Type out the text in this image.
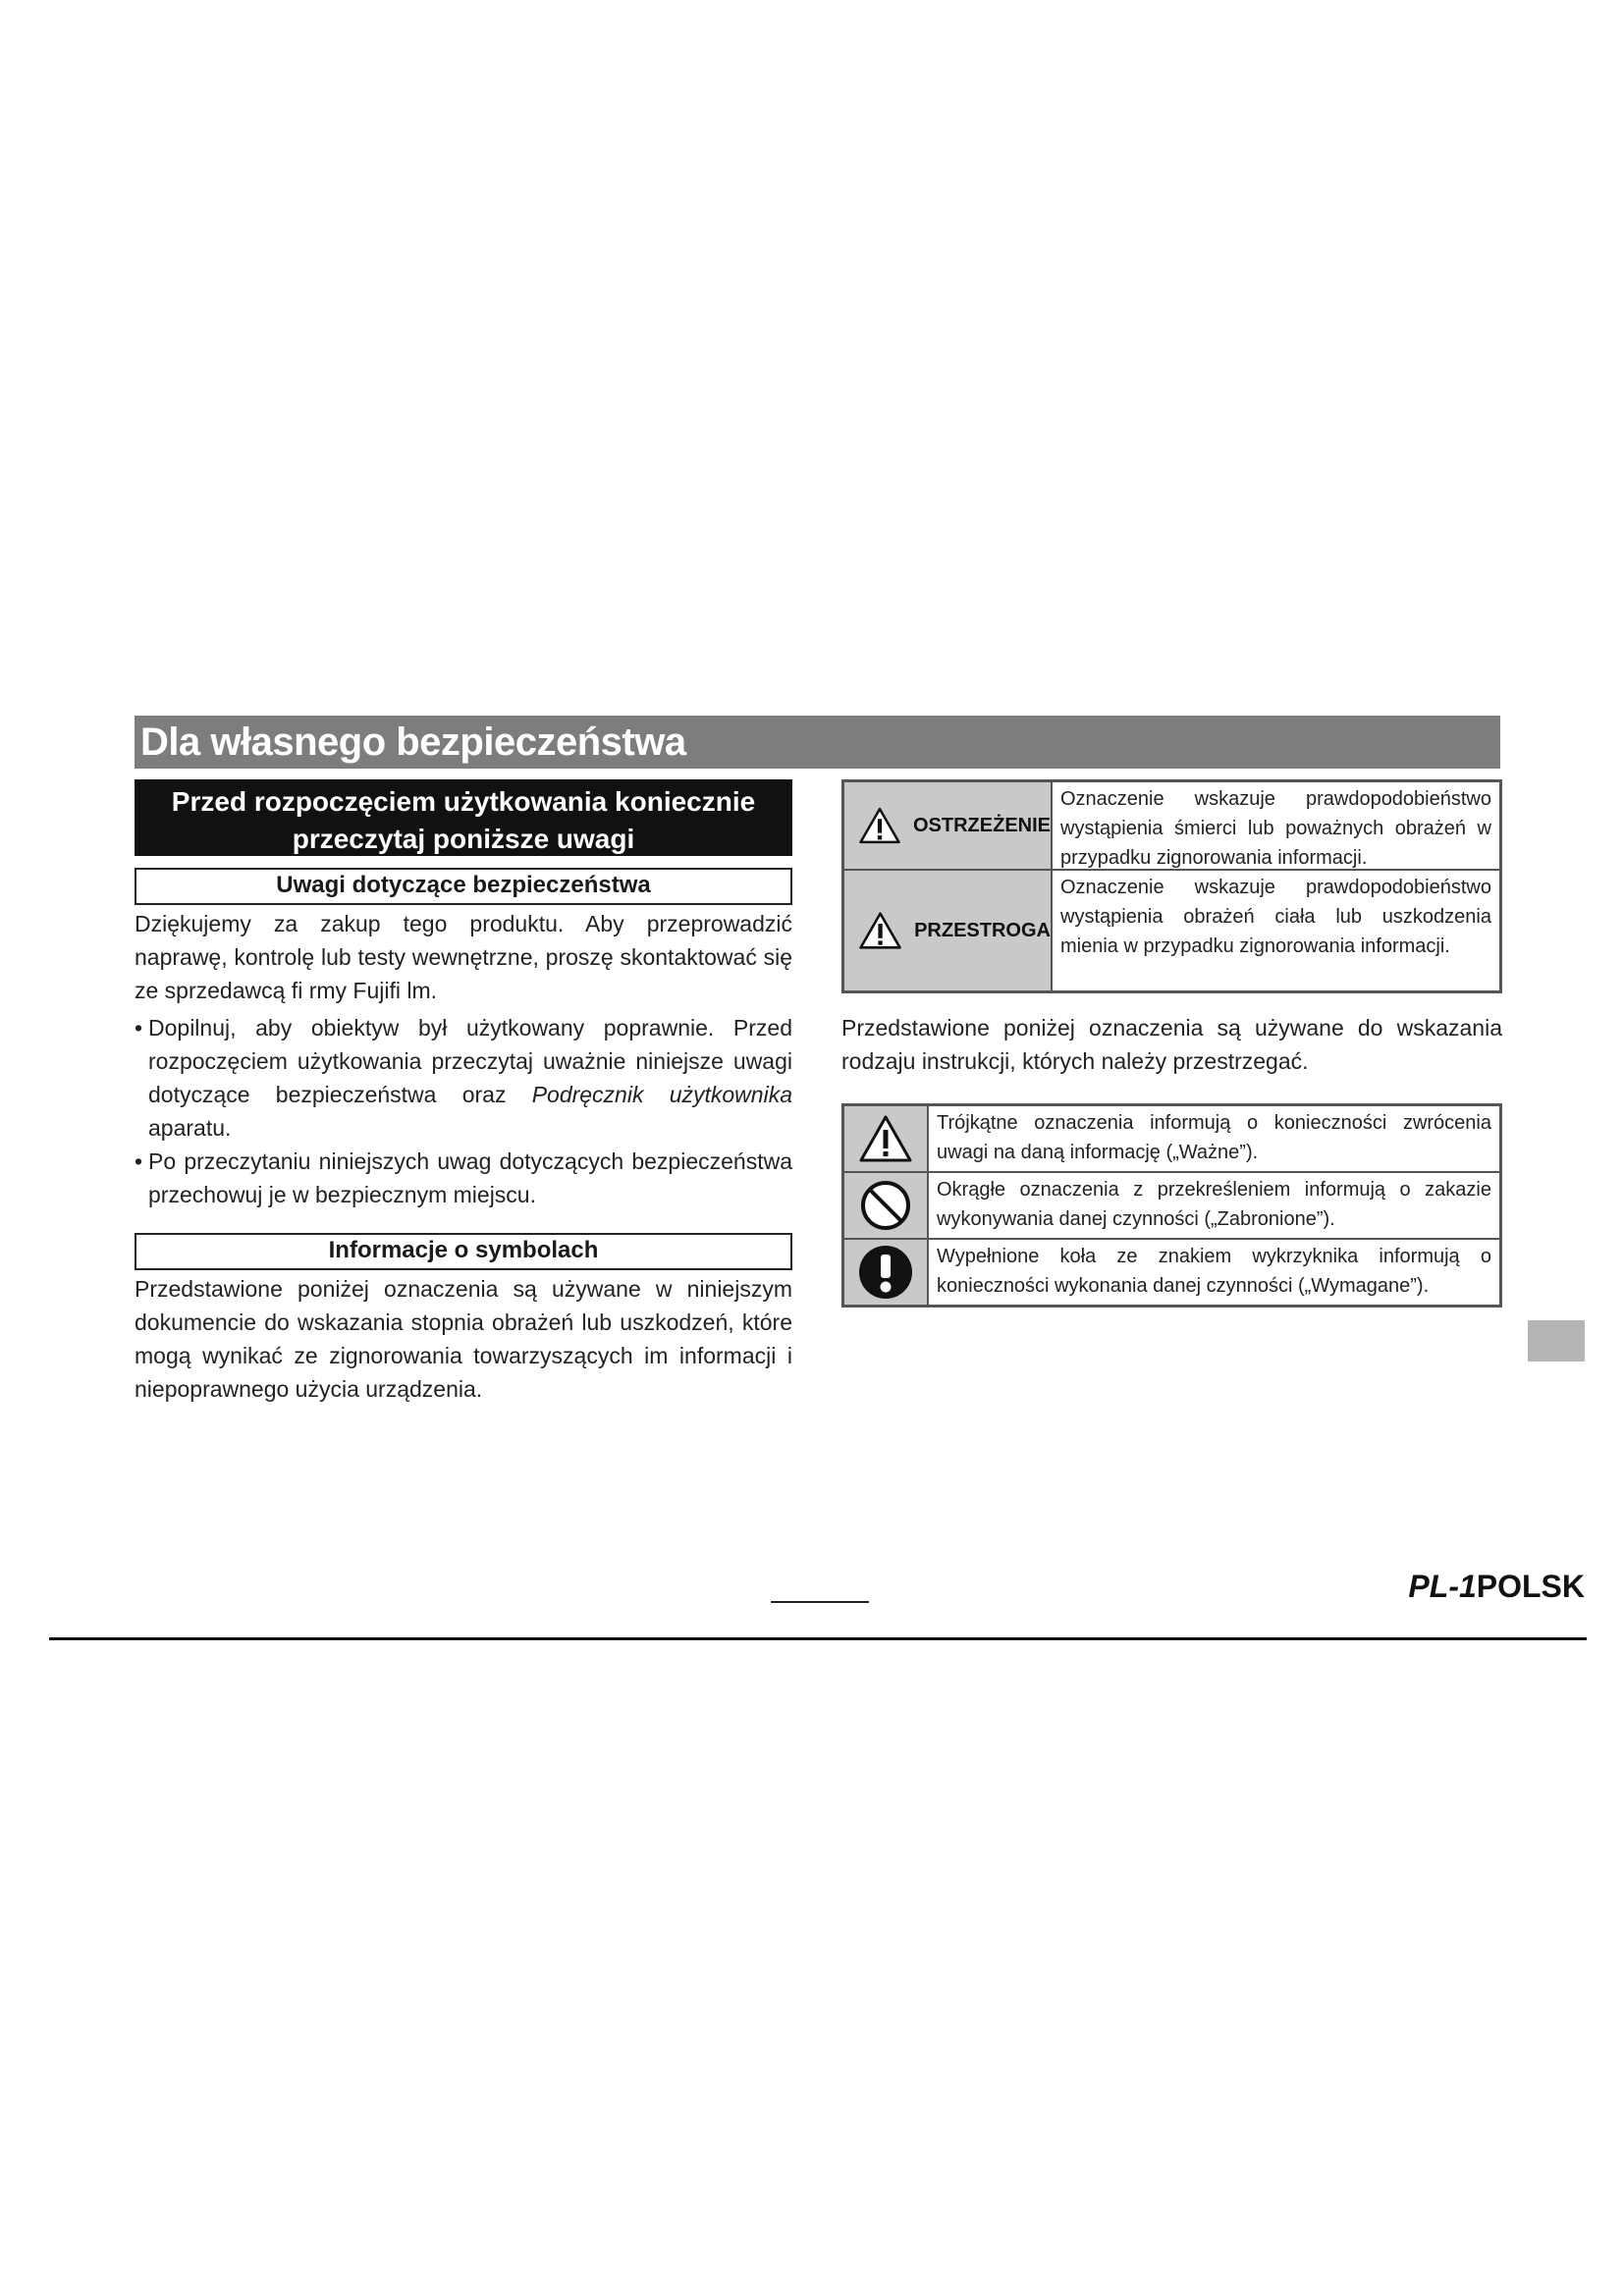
Dla własnego bezpieczeństwa
Przed rozpoczęciem użytkowania koniecznie
przeczytaj poniższe uwagi
Uwagi dotyczące bezpieczeństwa

Dziękujemy za zakup tego produktu. Aby przeprowadzić naprawę, kontrolę lub testy wewnętrzne, proszę skontaktować się ze sprzedawcą fi rmy Fujifi lm.

• Dopilnuj, aby obiektyw był użytkowany poprawnie. Przed rozpoczęciem użytkowania przeczytaj uważnie niniejsze uwagi dotyczące bezpieczeństwa oraz Podręcznik użytkownika aparatu.
• Po przeczytaniu niniejszych uwag dotyczących bezpieczeństwa przechowuj je w bezpiecznym miejscu.
Informacje o symbolach

Przedstawione poniżej oznaczenia są używane w niniejszym dokumencie do wskazania stopnia obrażeń lub uszkodzeń, które mogą wynikać ze zignorowania towarzyszących im informacji i niepoprawnego użycia urządzenia.

OSTRZEŻENIE
Oznaczenie wskazuje prawdopodobieństwo wystąpienia śmierci lub poważnych obrażeń w przypadku zignorowania informacji.
PRZESTROGA
Oznaczenie wskazuje prawdopodobieństwo wystąpienia obrażeń ciała lub uszkodzenia mienia w przypadku zignorowania informacji.

Przedstawione poniżej oznaczenia są używane do wskazania rodzaju instrukcji, których należy przestrzegać.

Trójkątne oznaczenia informują o konieczności zwrócenia uwagi na daną informację („Ważne”).
Okrągłe oznaczenia z przekreśleniem informują o zakazie wykonywania danej czynności („Zabronione”).
Wypełnione koła ze znakiem wykrzyknika informują o konieczności wykonania danej czynności („Wymagane”).
PL-1POLSK
